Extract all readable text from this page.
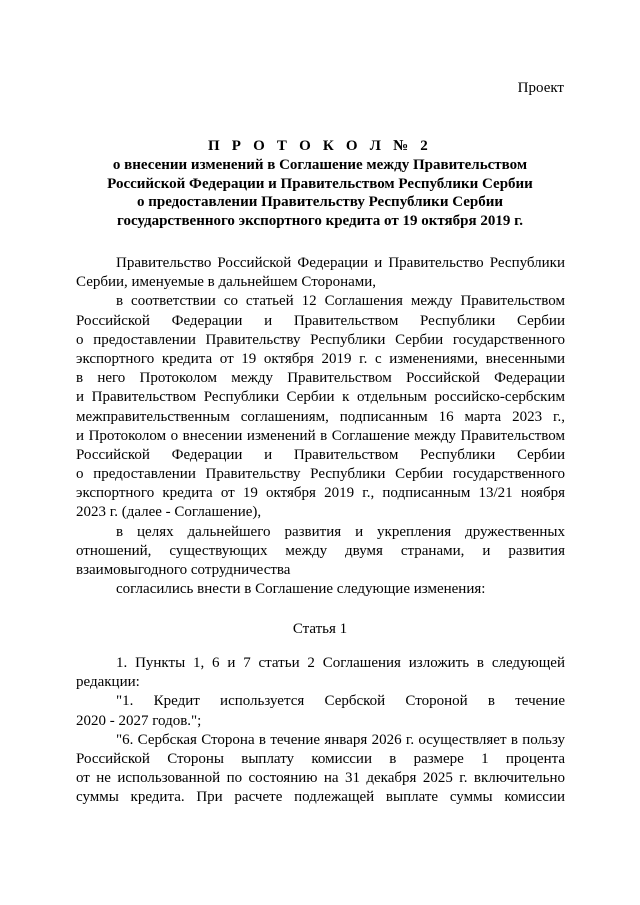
Проект
П Р О Т О К О Л № 2
о внесении изменений в Соглашение между Правительством
Российской Федерации и Правительством Республики Сербии
о предоставлении Правительству Республики Сербии
государственного экспортного кредита от 19 октября 2019 г.
Правительство Российской Федерации и Правительство Республики
Сербии, именуемые в дальнейшем Сторонами,
в соответствии со статьей 12 Соглашения между Правительством
Российской Федерации и Правительством Республики Сербии
о предоставлении Правительству Республики Сербии государственного
экспортного кредита от 19 октября 2019 г. с изменениями, внесенными
в него Протоколом между Правительством Российской Федерации
и Правительством Республики Сербии к отдельным российско-сербским
межправительственным соглашениям, подписанным 16 марта 2023 г.,
и Протоколом о внесении изменений в Соглашение между Правительством
Российской Федерации и Правительством Республики Сербии
о предоставлении Правительству Республики Сербии государственного
экспортного кредита от 19 октября 2019 г., подписанным 13/21 ноября
2023 г. (далее - Соглашение),
в целях дальнейшего развития и укрепления дружественных
отношений, существующих между двумя странами, и развития
взаимовыгодного сотрудничества
согласились внести в Соглашение следующие изменения:
Статья 1
1. Пункты 1, 6 и 7 статьи 2 Соглашения изложить в следующей
редакции:
"1. Кредит используется Сербской Стороной в течение
2020 - 2027 годов.";
"6. Сербская Сторона в течение января 2026 г. осуществляет в пользу
Российской Стороны выплату комиссии в размере 1 процента
от не использованной по состоянию на 31 декабря 2025 г. включительно
суммы кредита. При расчете подлежащей выплате суммы комиссии
